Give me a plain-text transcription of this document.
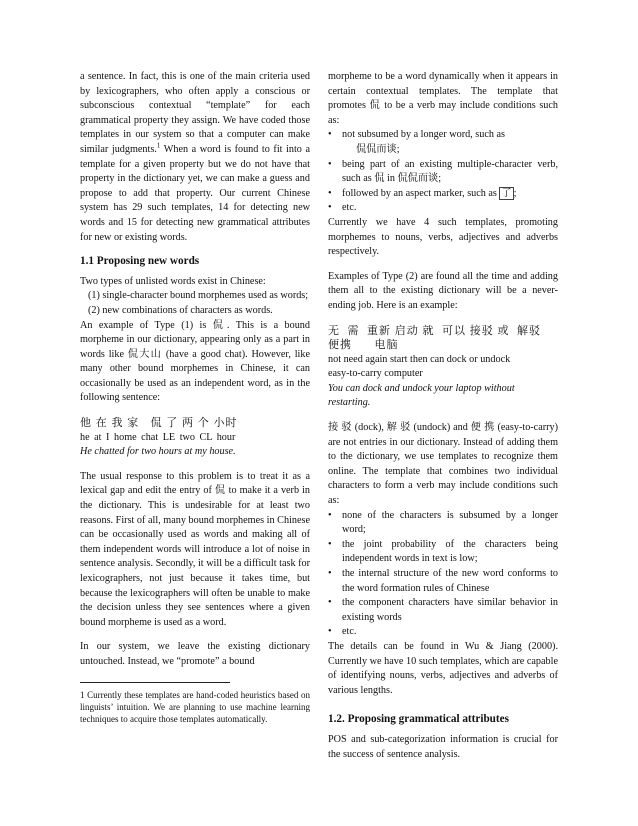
a sentence. In fact, this is one of the main criteria used by lexicographers, who often apply a conscious or subconscious contextual “template” for each grammatical property they assign. We have coded those templates in our system so that a computer can make similar judgments.$^1$ When a word is found to fit into a template for a given property but we do not have that property in the dictionary yet, we can make a guess and propose to add that property. Our current Chinese system has 29 such templates, 14 for detecting new words and 15 for detecting new grammatical attributes for new or existing words.

1.1 Proposing new words

Two types of unlisted words exist in Chinese:

(1) single-character bound morphemes used as words;
(2) new combinations of characters as words.

An example of Type (1) is 侃. This is a bound morpheme in our dictionary, appearing only as a part in words like 侃大山 (have a good chat). However, like many other bound morphemes in Chinese, it can occasionally be used as an independent word, as in the following sentence:

他 在 我 家   侃 了 两 个 小时
he at I home chat LE two CL hour
He chatted for two hours at my house.

The usual response to this problem is to treat it as a lexical gap and edit the entry of 侃 to make it a verb in the dictionary. This is undesirable for at least two reasons. First of all, many bound morphemes in Chinese can be occasionally used as words and making all of them independent words will introduce a lot of noise in sentence analysis. Secondly, it will be a difficult task for lexicographers, not just because it takes time, but because the lexicographers will often be unable to make the decision unless they see sentences where a given bound morpheme is used as a word.

In our system, we leave the existing dictionary untouched. Instead, we “promote” a bound

1 Currently these templates are hand-coded heuristics based on linguists’ intuition. We are planning to use machine learning techniques to acquire those templates automatically.

morpheme to be a word dynamically when it appears in certain contextual templates. The template that promotes 侃 to be a verb may include conditions such as:

•	not subsumed by a longer word, such as
侃侃而谈;
•	being part of an existing multiple-character verb, such as 侃 in 侃侃而谈;
•	followed by an aspect marker, such as 了 ;
•	etc.

Currently we have 4 such templates, promoting morphemes to nouns, verbs, adjectives and adverbs respectively.

Examples of Type (2) are found all the time and adding them all to the existing dictionary will be a never-ending job. Here is an example:

无  需  重新 启动 就  可以 接驳 或  解驳   便携      电脑
not need again start then can dock or undock
easy-to-carry computer
You can dock and undock your laptop without restarting.

接 驳 (dock), 解 驳 (undock) and 便 携 (easy-to-carry) are not entries in our dictionary. Instead of adding them to the dictionary, we use templates to recognize them online. The template that combines two individual characters to form a verb may include conditions such as:

•	none of the characters is subsumed by a longer word;
•	the joint probability of the characters being independent words in text is low;
•	the internal structure of the new word conforms to the word formation rules of Chinese
•	the component characters have similar behavior in existing words
•	etc.

The details can be found in Wu & Jiang (2000). Currently we have 10 such templates, which are capable of identifying nouns, verbs, adjectives and adverbs of various lengths.

1.2. Proposing grammatical attributes

POS and sub-categorization information is crucial for the success of sentence analysis.
